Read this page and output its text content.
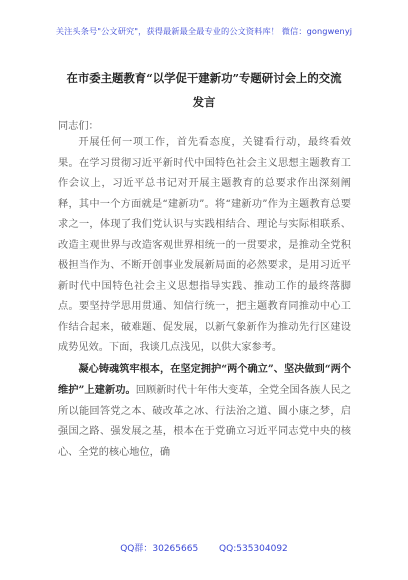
关注头条号"公文研究"，获得最新最全最专业的公文资料库！ 微信：gongwenyj
在市委主题教育“以学促干建新功”专题研讨会上的交流
发言
同志们：

开展任何一项工作，首先看态度，关键看行动，最终看效果。在学习贯彻习近平新时代中国特色社会主义思想主题教育工作会议上，习近平总书记对开展主题教育的总要求作出深刻阐释，其中一个方面就是“建新功”。将“建新功”作为主题教育总要求之一，体现了我们党认识与实践相结合、理论与实际相联系、改造主观世界与改造客观世界相统一的一贯要求，是推动全党积极担当作为、不断开创事业发展新局面的必然要求，是用习近平新时代中国特色社会主义思想指导实践、推动工作的最终落脚点。要坚持学思用贯通、知信行统一，把主题教育同推动中心工作结合起来，破难题、促发展，以新气象新作为推动先行区建设成势见效。下面，我谈几点浅见，以供大家参考。

凝心铸魂筑牢根本，在坚定拥护“两个确立”、坚决做到“两个维护”上建新功。回顾新时代十年伟大变革，全党全国各族人民之所以能回答党之本、破改革之冰、行法治之道、圆小康之梦，启强国之路、强发展之基，根本在于党确立习近平同志党中央的核心、全党的核心地位，确

QQ群：30265665 QQ:535304092
